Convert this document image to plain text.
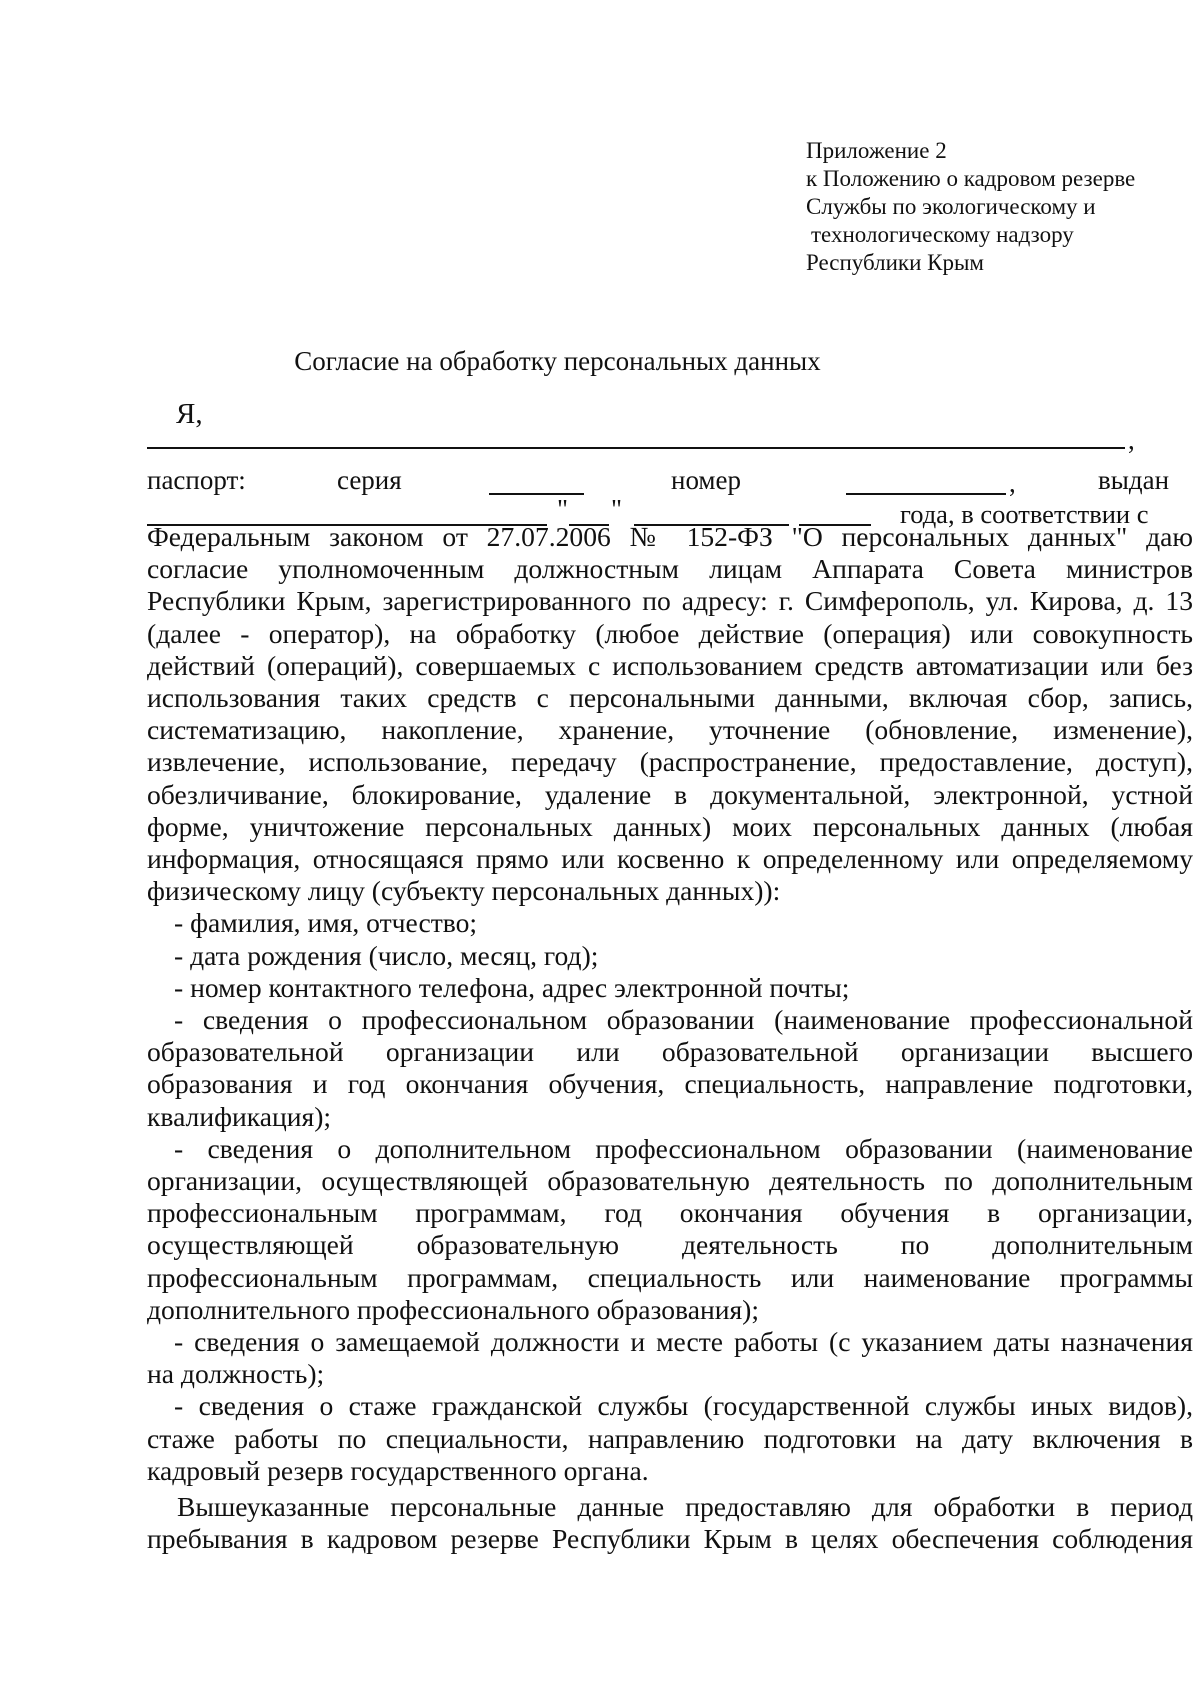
Приложение 2
к Положению о кадровом резерве
Службы по экологическому и
технологическому надзору
Республики Крым
Согласие на обработку персональных данных
Я,
,
паспорт:	серия	номер	,	выдан
" "	года, в соответствии с

Федеральным законом от 27.07.2006 № 152-ФЗ "О персональных данных" даю

согласие уполномоченным должностным лицам Аппарата Совета министров

Республики Крым, зарегистрированного по адресу: г. Симферополь, ул. Кирова, д. 13

(далее - оператор), на обработку (любое действие (операция) или совокупность

действий (операций), совершаемых с использованием средств автоматизации или без

использования таких средств с персональными данными, включая сбор, запись,

систематизацию, накопление, хранение, уточнение (обновление, изменение),

извлечение, использование, передачу (распространение, предоставление, доступ),

обезличивание, блокирование, удаление в документальной, электронной, устной

форме, уничтожение персональных данных) моих персональных данных (любая

информация, относящаяся прямо или косвенно к определенному или определяемому

физическому лицу (субъекту персональных данных)):

- фамилия, имя, отчество;

- дата рождения (число, месяц, год);

- номер контактного телефона, адрес электронной почты;

- сведения о профессиональном образовании (наименование профессиональной

образовательной организации или образовательной организации высшего

образования и год окончания обучения, специальность, направление подготовки,

квалификация);

- сведения о дополнительном профессиональном образовании (наименование

организации, осуществляющей образовательную деятельность по дополнительным

профессиональным программам, год окончания обучения в организации,

осуществляющей образовательную деятельность по дополнительным

профессиональным программам, специальность или наименование программы

дополнительного профессионального образования);

- сведения о замещаемой должности и месте работы (с указанием даты назначения

на должность);

- сведения о стаже гражданской службы (государственной службы иных видов),

стаже работы по специальности, направлению подготовки на дату включения в

кадровый резерв государственного органа.

Вышеуказанные персональные данные предоставляю для обработки в период

пребывания в кадровом резерве Республики Крым в целях обеспечения соблюдения
